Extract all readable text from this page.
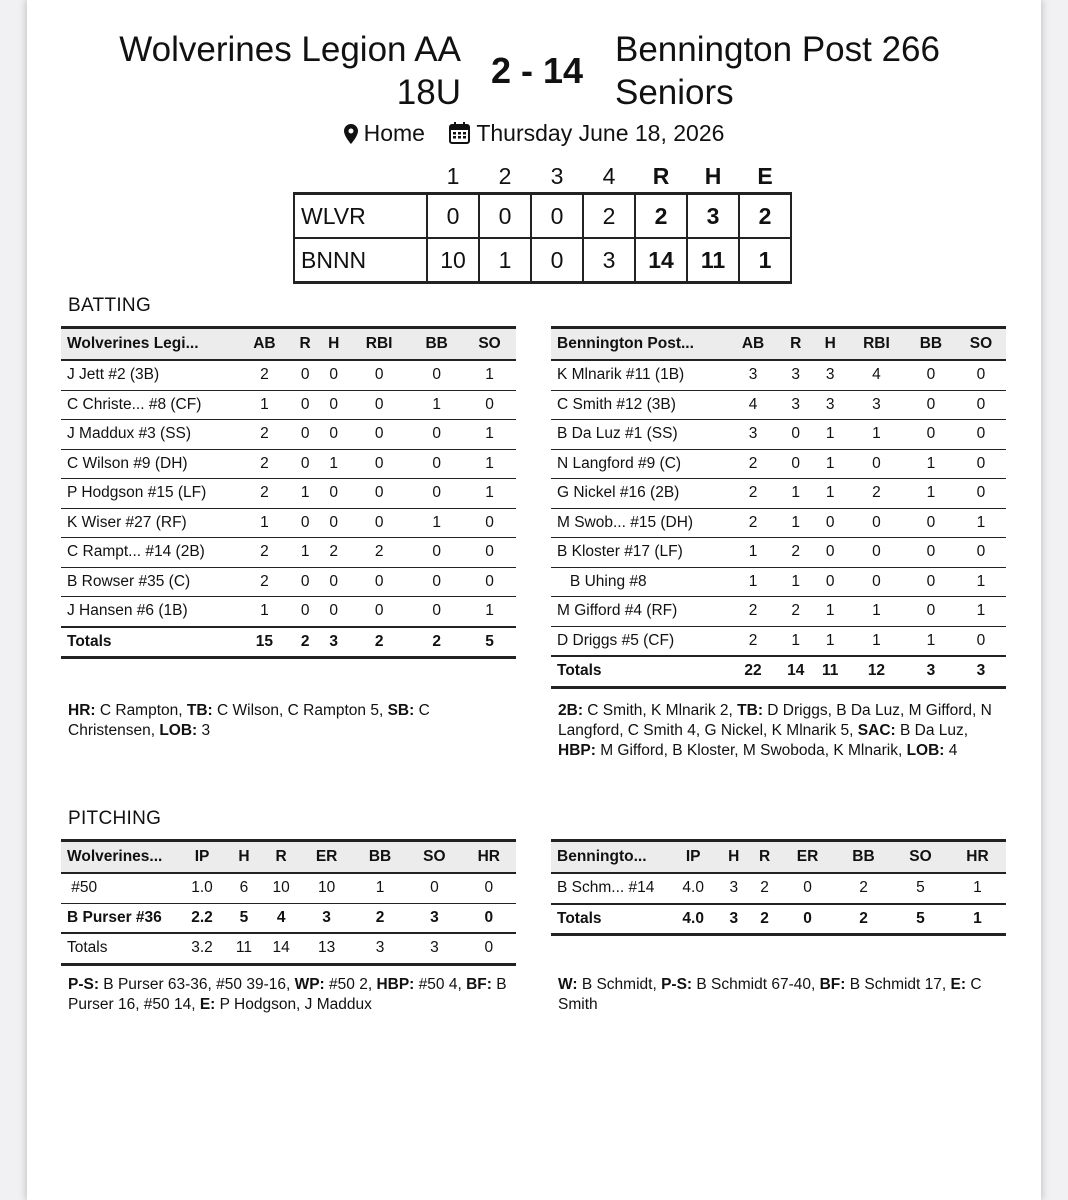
Wolverines Legion AA
18U
2 - 14
Bennington Post 266
Seniors
Home Thursday June 18, 2026
	1	2	3	4	R	H	E
WLVR	0	0	0	2	2	3	2
BNNN	10	1	0	3	14	11	1
BATTING
Wolverines Legi...	AB	R	H	RBI	BB	SO
J Jett #2 (3B)	2	0	0	0	0	1
C Christe... #8 (CF)	1	0	0	0	1	0
J Maddux #3 (SS)	2	0	0	0	0	1
C Wilson #9 (DH)	2	0	1	0	0	1
P Hodgson #15 (LF)	2	1	0	0	0	1
K Wiser #27 (RF)	1	0	0	0	1	0
C Rampt... #14 (2B)	2	1	2	2	0	0
B Rowser #35 (C)	2	0	0	0	0	0
J Hansen #6 (1B)	1	0	0	0	0	1
Totals	15	2	3	2	2	5
Bennington Post...	AB	R	H	RBI	BB	SO
K Mlnarik #11 (1B)	3	3	3	4	0	0
C Smith #12 (3B)	4	3	3	3	0	0
B Da Luz #1 (SS)	3	0	1	1	0	0
N Langford #9 (C)	2	0	1	0	1	0
G Nickel #16 (2B)	2	1	1	2	1	0
M Swob... #15 (DH)	2	1	0	0	0	1
B Kloster #17 (LF)	1	2	0	0	0	0
B Uhing #8	1	1	0	0	0	1
M Gifford #4 (RF)	2	2	1	1	0	1
D Driggs #5 (CF)	2	1	1	1	1	0
Totals	22	14	11	12	3	3
HR: C Rampton, TB: C Wilson, C Rampton 5, SB: C Christensen, LOB: 3
2B: C Smith, K Mlnarik 2, TB: D Driggs, B Da Luz, M Gifford, N Langford, C Smith 4, G Nickel, K Mlnarik 5, SAC: B Da Luz, HBP: M Gifford, B Kloster, M Swoboda, K Mlnarik, LOB: 4
PITCHING
Wolverines...	IP	H	R	ER	BB	SO	HR
#50	1.0	6	10	10	1	0	0
B Purser #36	2.2	5	4	3	2	3	0
Totals	3.2	11	14	13	3	3	0
Benningto...	IP	H	R	ER	BB	SO	HR
B Schm... #14	4.0	3	2	0	2	5	1
Totals	4.0	3	2	0	2	5	1
P-S: B Purser 63-36, #50 39-16, WP: #50 2, HBP: #50 4, BF: B Purser 16, #50 14, E: P Hodgson, J Maddux
W: B Schmidt, P-S: B Schmidt 67-40, BF: B Schmidt 17, E: C Smith
